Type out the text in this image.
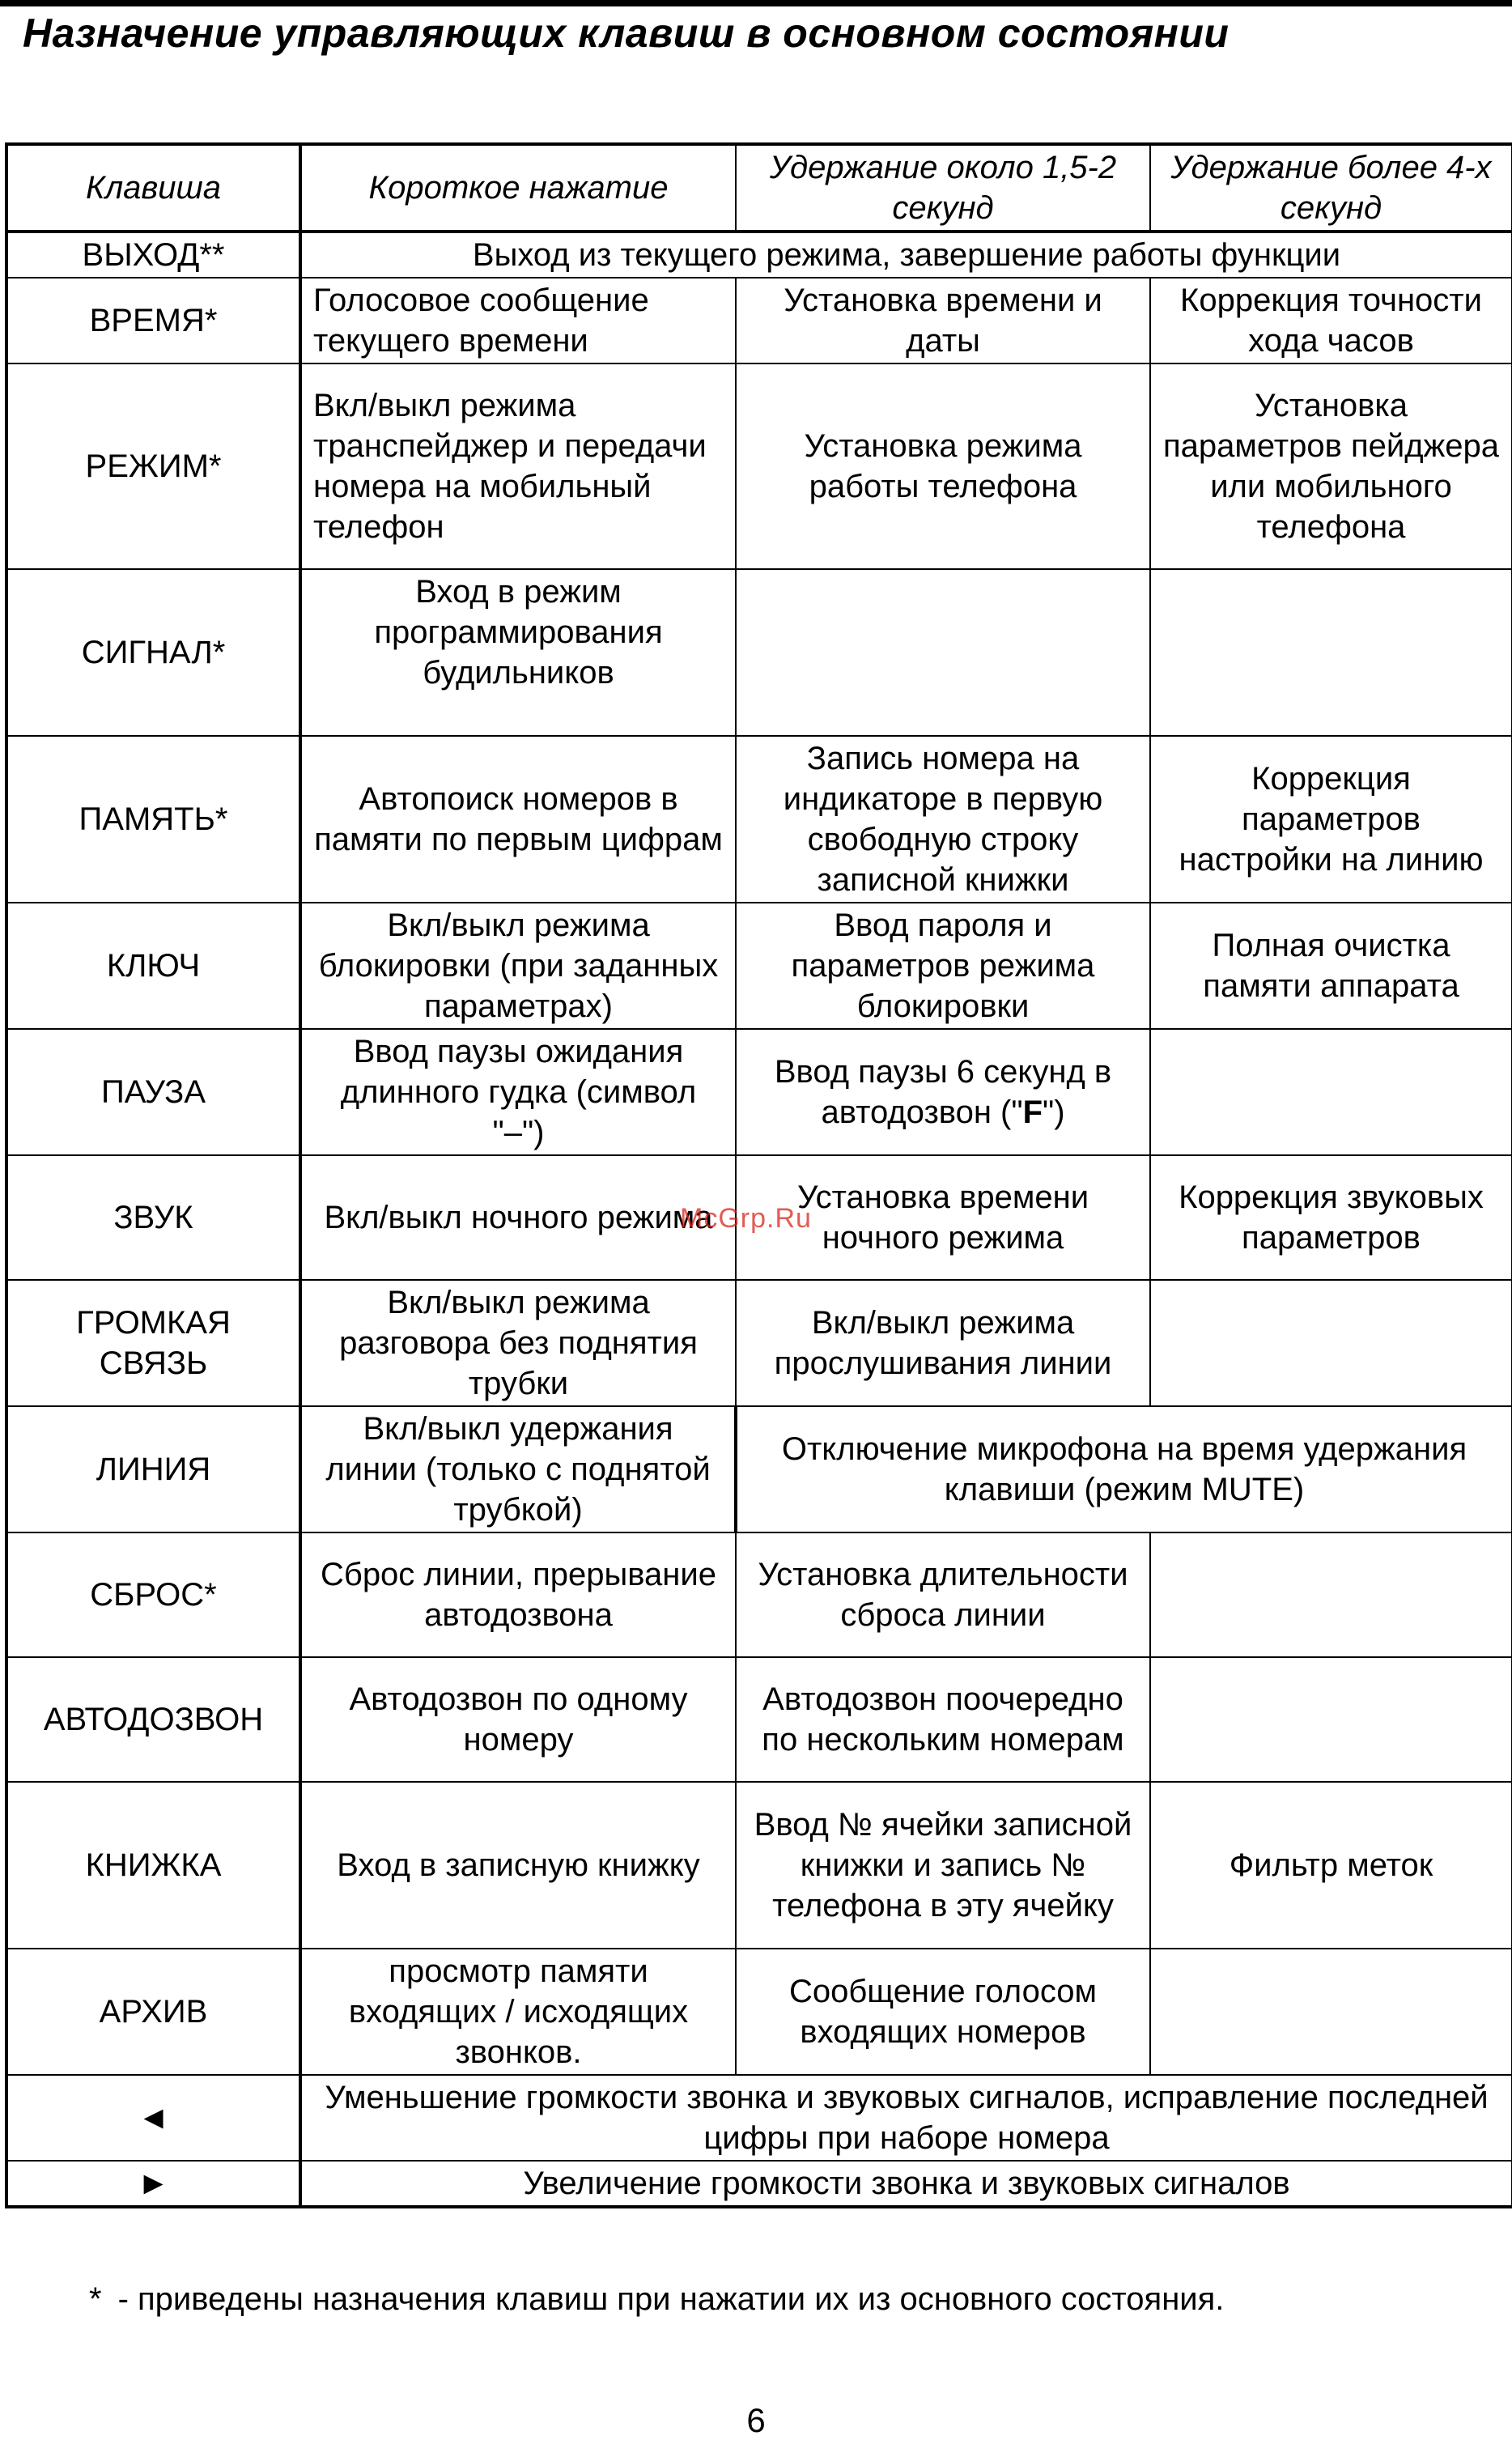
Назначение управляющих клавиш в основном состоянии
Клавиша	Короткое нажатие	Удержание около 1,5-2 секунд	Удержание более 4-х секунд
ВЫХОД**	Выход из текущего режима, завершение работы функции		
ВРЕМЯ*	Голосовое сообщение текущего времени	Установка времени и даты	Коррекция точности хода часов
РЕЖИМ*	Вкл/выкл режима транспейджер и передачи номера на мобильный телефон	Установка режима работы телефона	Установка параметров пейджера или мобильного телефона
СИГНАЛ*	Вход в режим программирования будильников		
ПАМЯТЬ*	Автопоиск номеров в памяти по первым цифрам	Запись номера на индикаторе в первую свободную строку записной книжки	Коррекция параметров настройки на линию
КЛЮЧ	Вкл/выкл режима блокировки (при заданных параметрах)	Ввод пароля и параметров режима блокировки	Полная очистка памяти аппарата
ПАУЗА	Ввод паузы ожидания длинного гудка (символ "–")	Ввод паузы 6 секунд в автодозвон ("F")	
ЗВУК	Вкл/выкл ночного режима	Установка времени ночного режима	Коррекция звуковых параметров
ГРОМКАЯ СВЯЗЬ	Вкл/выкл режима разговора без поднятия трубки	Вкл/выкл режима прослушивания линии	
ЛИНИЯ	Вкл/выкл удержания линии (только с поднятой трубкой)	Отключение микрофона на время удержания клавиши (режим MUTE)	
СБРОС*	Сброс линии, прерывание автодозвона	Установка длительности сброса линии	
АВТОДОЗВОН	Автодозвон по одному номеру	Автодозвон поочередно по нескольким номерам	
КНИЖКА	Вход в записную книжку	Ввод № ячейки записной книжки и запись № телефона в эту ячейку	Фильтр меток
АРХИВ	просмотр памяти входящих / исходящих звонков.	Сообщение голосом входящих номеров	
◄	Уменьшение громкости звонка и звуковых сигналов, исправление последней цифры при наборе номера		
►	Увеличение громкости звонка и звуковых сигналов		
McGrp.Ru

* - приведены назначения клавиш при нажатии их из основного состояния.

6
